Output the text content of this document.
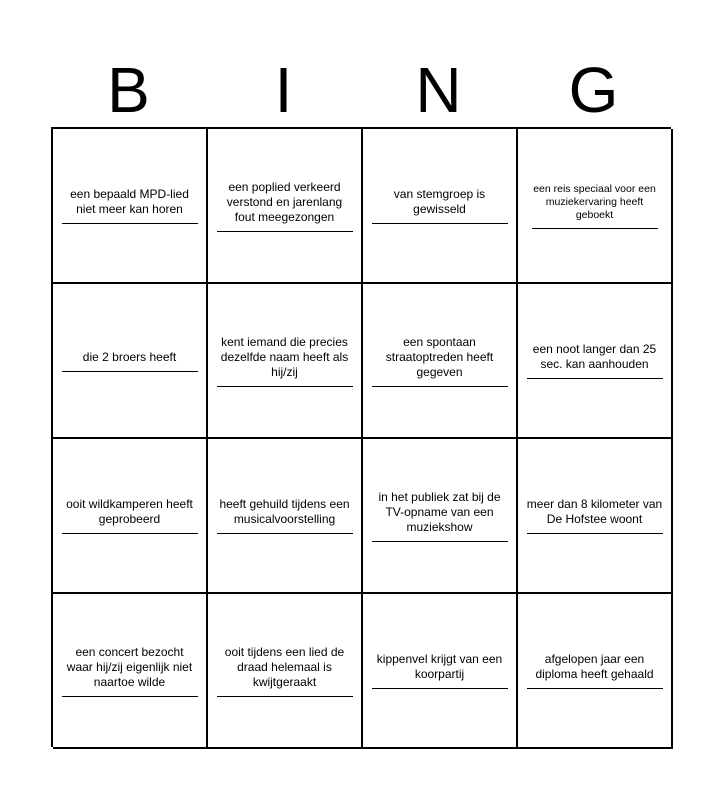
B	I	N	G
een bepaald MPD-lied niet meer kan horen
een poplied verkeerd verstond en jarenlang fout meegezongen
van stemgroep is gewisseld
een reis speciaal voor een muziekervaring heeft geboekt
die 2 broers heeft
kent iemand die precies dezelfde naam heeft als hij/zij
een spontaan straatoptreden heeft gegeven
een noot langer dan 25 sec. kan aanhouden
ooit wildkamperen heeft geprobeerd
heeft gehuild tijdens een musicalvoorstelling
in het publiek zat bij de TV-opname van een muziekshow
meer dan 8 kilometer van De Hofstee woont
een concert bezocht waar hij/zij eigenlijk niet naartoe wilde
ooit tijdens een lied de draad helemaal is kwijtgeraakt
kippenvel krijgt van een koorpartij
afgelopen jaar een diploma heeft gehaald
